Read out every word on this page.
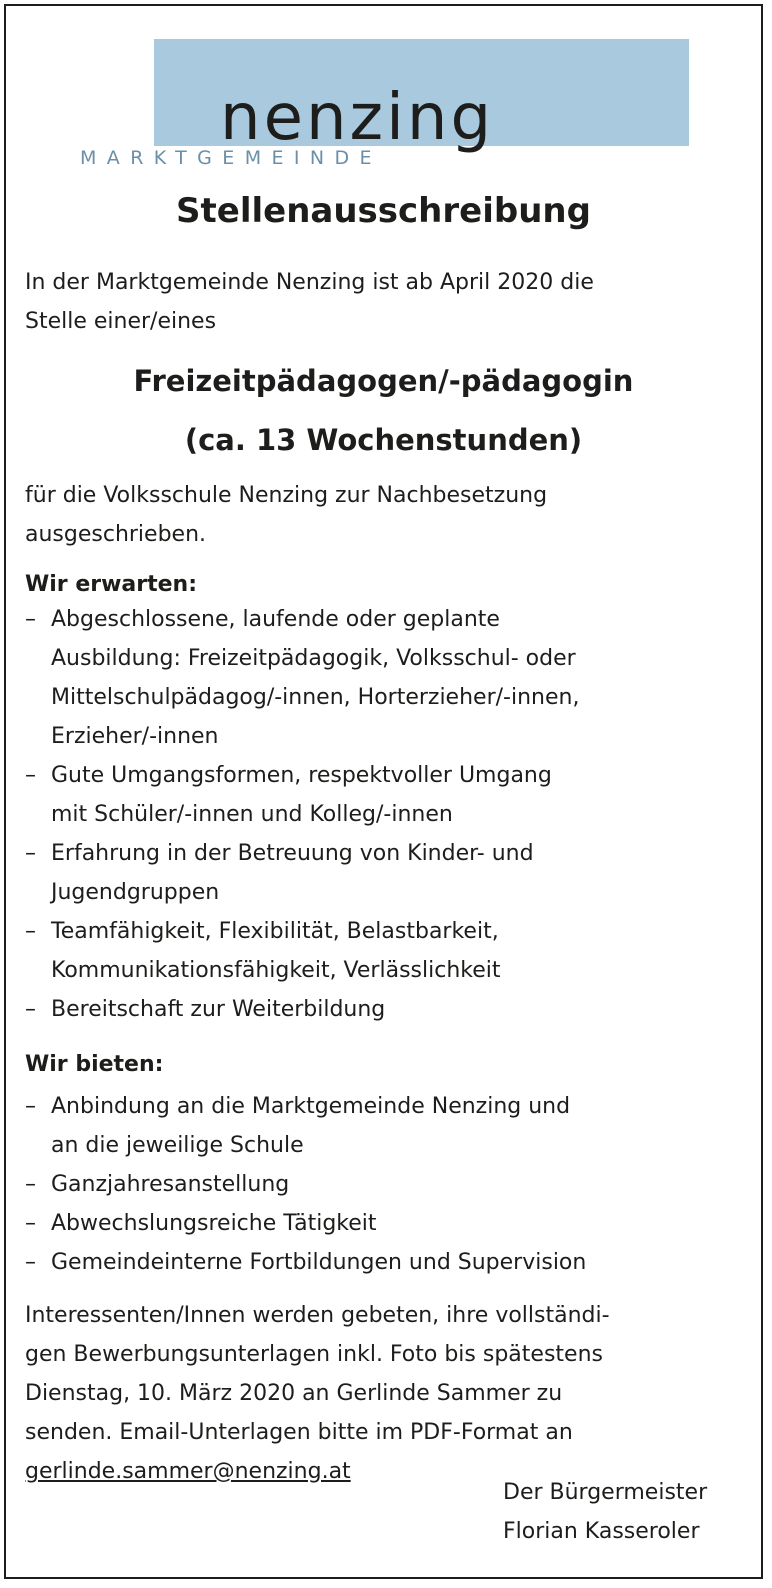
nenzing
MARKTGEMEINDE
Stellenausschreibung

In der Marktgemeinde Nenzing ist ab April 2020 die
Stelle einer/eines

Freizeitpädagogen/-pädagogin
(ca. 13 Wochenstunden)

für die Volksschule Nenzing zur Nachbesetzung
ausgeschrieben.

Wir erwarten:
– Abgeschlossene, laufende oder geplante
Ausbildung: Freizeitpädagogik, Volksschul- oder
Mittelschulpädagog/-innen, Horterzieher/-innen,
Erzieher/-innen
– Gute Umgangsformen, respektvoller Umgang
mit Schüler/-innen und Kolleg/-innen
– Erfahrung in der Betreuung von Kinder- und
Jugendgruppen
– Teamfähigkeit, Flexibilität, Belastbarkeit,
Kommunikationsfähigkeit, Verlässlichkeit
– Bereitschaft zur Weiterbildung
Wir bieten:
– Anbindung an die Marktgemeinde Nenzing und
an die jeweilige Schule
– Ganzjahresanstellung
– Abwechslungsreiche Tätigkeit
– Gemeindeinterne Fortbildungen und Supervision

Interessenten/Innen werden gebeten, ihre vollständi-
gen Bewerbungsunterlagen inkl. Foto bis spätestens
Dienstag, 10. März 2020 an Gerlinde Sammer zu
senden. Email-Unterlagen bitte im PDF-Format an
gerlinde.sammer@nenzing.at

Der Bürgermeister
Florian Kasseroler
